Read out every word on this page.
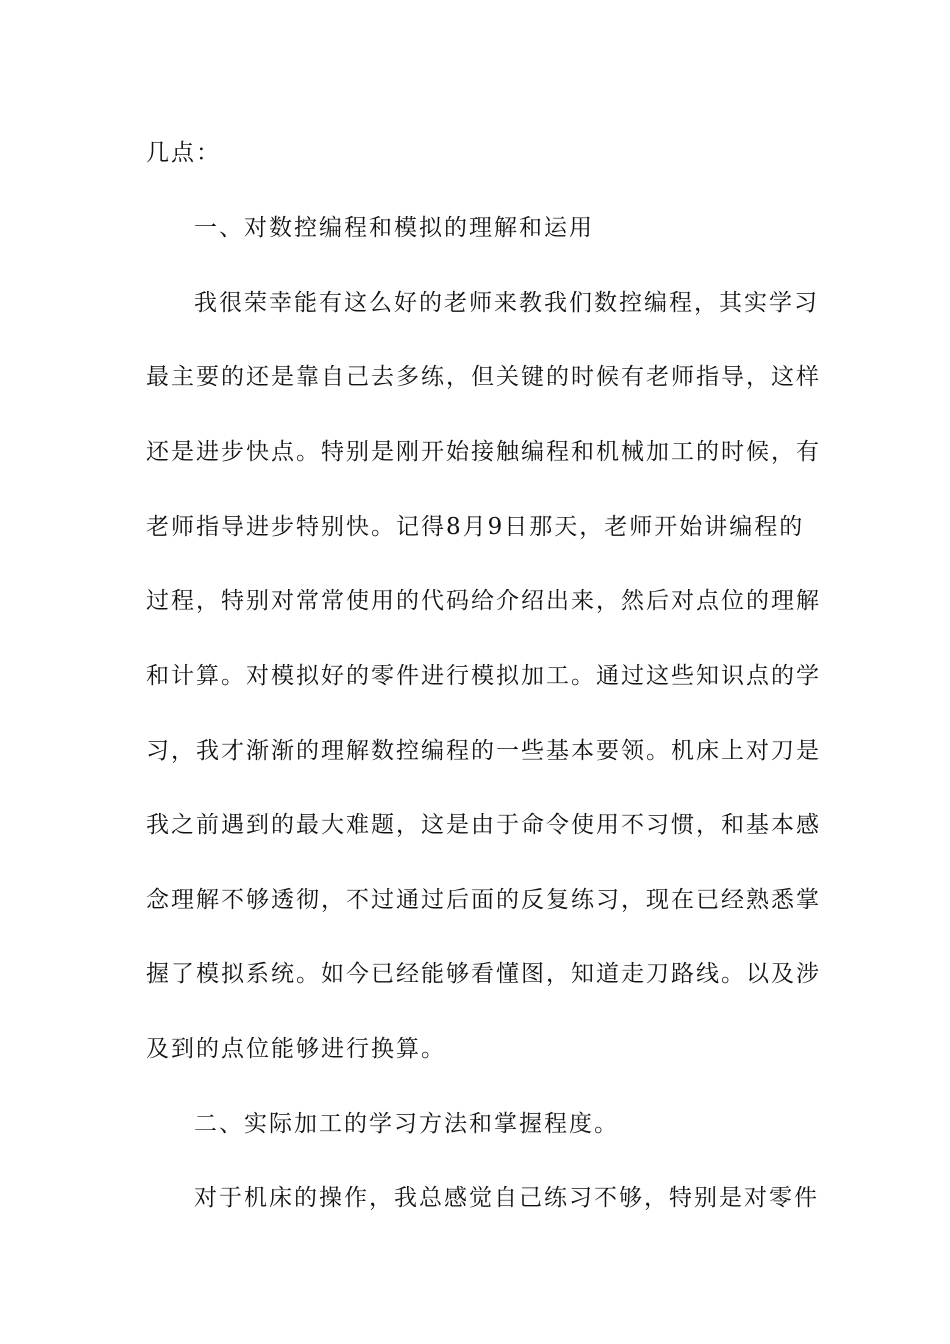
几点：
一、对数控编程和模拟的理解和运用
我很荣幸能有这么好的老师来教我们数控编程，其实学习
最主要的还是靠自己去多练，但关键的时候有老师指导，这样
还是进步快点。特别是刚开始接触编程和机械加工的时候，有
老师指导进步特别快。记得8月9日那天，老师开始讲编程的
过程，特别对常常使用的代码给介绍出来，然后对点位的理解
和计算。对模拟好的零件进行模拟加工。通过这些知识点的学
习，我才渐渐的理解数控编程的一些基本要领。机床上对刀是
我之前遇到的最大难题，这是由于命令使用不习惯，和基本感
念理解不够透彻，不过通过后面的反复练习，现在已经熟悉掌
握了模拟系统。如今已经能够看懂图，知道走刀路线。以及涉
及到的点位能够进行换算。
二、实际加工的学习方法和掌握程度。
对于机床的操作，我总感觉自己练习不够，特别是对零件
